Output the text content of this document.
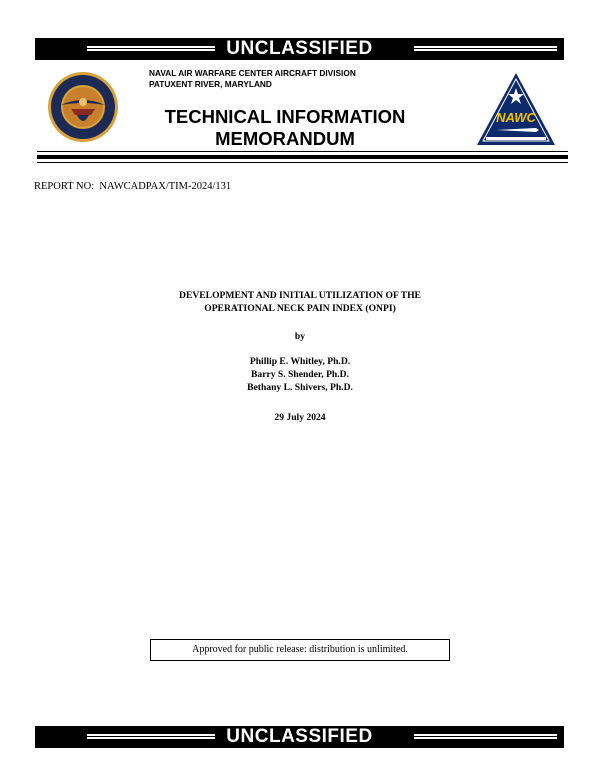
UNCLASSIFIED
NAVAL AIR WARFARE CENTER AIRCRAFT DIVISION
PATUXENT RIVER, MARYLAND
TECHNICAL INFORMATION
MEMORANDUM
NAWC
REPORT NO: NAWCADPAX/TIM-2024/131
DEVELOPMENT AND INITIAL UTILIZATION OF THE
OPERATIONAL NECK PAIN INDEX (ONPI)
by
Phillip E. Whitley, Ph.D.
Barry S. Shender, Ph.D.
Bethany L. Shivers, Ph.D.
29 July 2024
Approved for public release: distribution is unlimited.
UNCLASSIFIED
